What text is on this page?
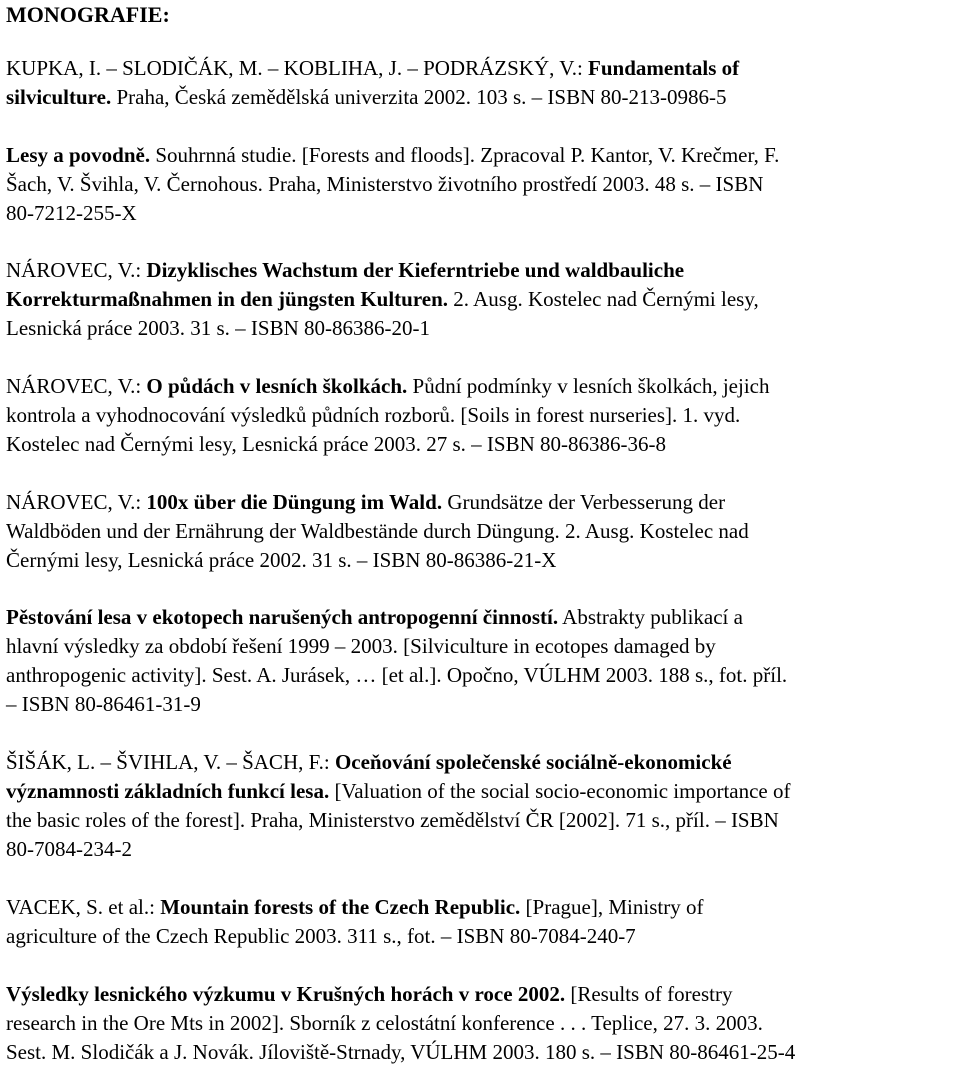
MONOGRAFIE:
KUPKA, I. – SLODIČÁK, M. – KOBLIHA, J. – PODRÁZSKÝ, V.: Fundamentals of
silviculture. Praha, Česká zemědělská univerzita 2002. 103 s. – ISBN 80-213-0986-5
Lesy a povodně. Souhrnná studie. [Forests and floods]. Zpracoval P. Kantor, V. Krečmer, F.
Šach, V. Švihla, V. Černohous. Praha, Ministerstvo životního prostředí 2003. 48 s. – ISBN
80-7212-255-X
NÁROVEC, V.: Dizyklisches Wachstum der Kieferntriebe und waldbauliche
Korrekturmaßnahmen in den jüngsten Kulturen. 2. Ausg. Kostelec nad Černými lesy,
Lesnická práce 2003. 31 s. – ISBN 80-86386-20-1
NÁROVEC, V.: O půdách v lesních školkách. Půdní podmínky v lesních školkách, jejich
kontrola a vyhodnocování výsledků půdních rozborů. [Soils in forest nurseries]. 1. vyd.
Kostelec nad Černými lesy, Lesnická práce 2003. 27 s. – ISBN 80-86386-36-8
NÁROVEC, V.: 100x über die Düngung im Wald. Grundsätze der Verbesserung der
Waldböden und der Ernährung der Waldbestände durch Düngung. 2. Ausg. Kostelec nad
Černými lesy, Lesnická práce 2002. 31 s. – ISBN 80-86386-21-X
Pěstování lesa v ekotopech narušených antropogenní činností. Abstrakty publikací a
hlavní výsledky za období řešení 1999 – 2003. [Silviculture in ecotopes damaged by
anthropogenic activity]. Sest. A. Jurásek, … [et al.]. Opočno, VÚLHM 2003. 188 s., fot. příl.
– ISBN 80-86461-31-9
ŠIŠÁK, L. – ŠVIHLA, V. – ŠACH, F.: Oceňování společenské sociálně-ekonomické
významnosti základních funkcí lesa. [Valuation of the social socio-economic importance of
the basic roles of the forest]. Praha, Ministerstvo zemědělství ČR [2002]. 71 s., příl. – ISBN
80-7084-234-2
VACEK, S. et al.: Mountain forests of the Czech Republic. [Prague], Ministry of
agriculture of the Czech Republic 2003. 311 s., fot. – ISBN 80-7084-240-7
Výsledky lesnického výzkumu v Krušných horách v roce 2002. [Results of forestry
research in the Ore Mts in 2002]. Sborník z celostátní konference . . . Teplice, 27. 3. 2003.
Sest. M. Slodičák a J. Novák. Jíloviště-Strnady, VÚLHM 2003. 180 s. – ISBN 80-86461-25-4
